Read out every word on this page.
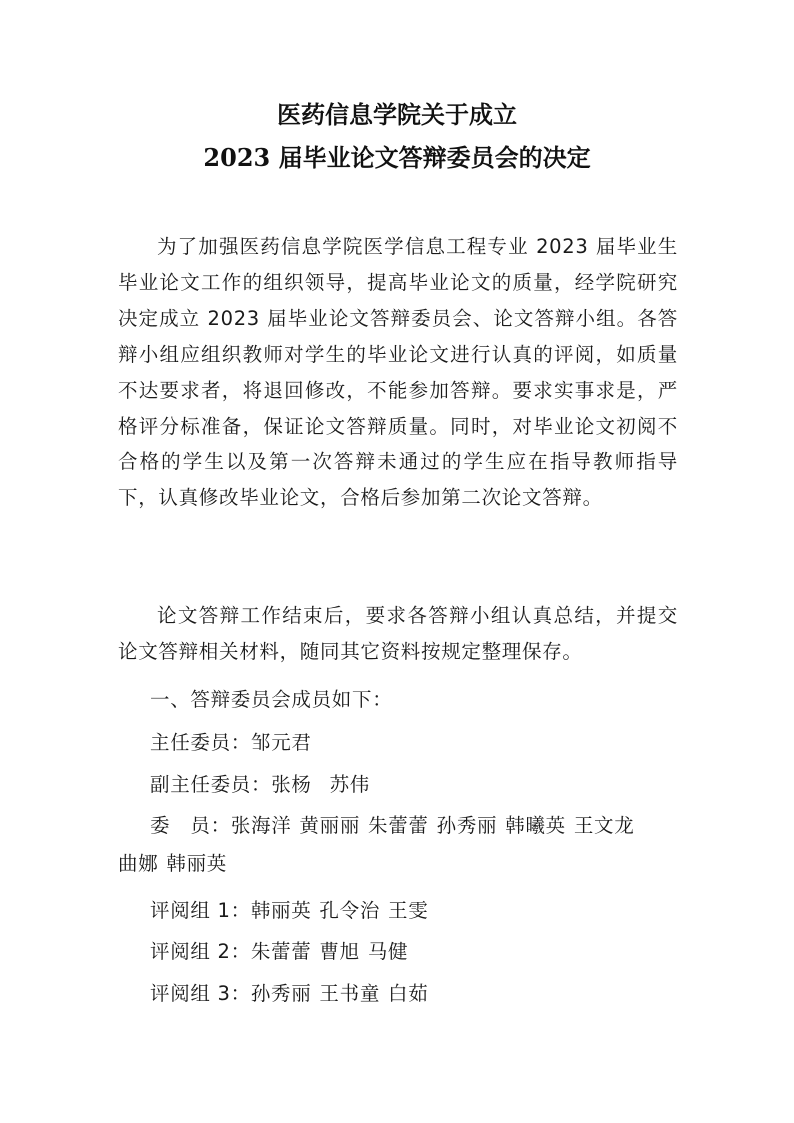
医药信息学院关于成立
2023 届毕业论文答辩委员会的决定

为了加强医药信息学院医学信息工程专业 2023 届毕业生毕业论文工作的组织领导，提高毕业论文的质量，经学院研究决定成立 2023 届毕业论文答辩委员会、论文答辩小组。各答辩小组应组织教师对学生的毕业论文进行认真的评阅，如质量不达要求者，将退回修改，不能参加答辩。要求实事求是，严格评分标准备，保证论文答辩质量。同时，对毕业论文初阅不合格的学生以及第一次答辩未通过的学生应在指导教师指导下，认真修改毕业论文，合格后参加第二次论文答辩。

论文答辩工作结束后，要求各答辩小组认真总结，并提交论文答辩相关材料，随同其它资料按规定整理保存。

一、答辩委员会成员如下：
主任委员：邹元君
副主任委员：张杨 苏伟
委　员：张海洋 黄丽丽 朱蕾蕾 孙秀丽 韩曦英 王文龙
曲娜 韩丽英
评阅组 1：韩丽英 孔令治 王雯
评阅组 2：朱蕾蕾 曹旭 马健
评阅组 3：孙秀丽 王书童 白茹
